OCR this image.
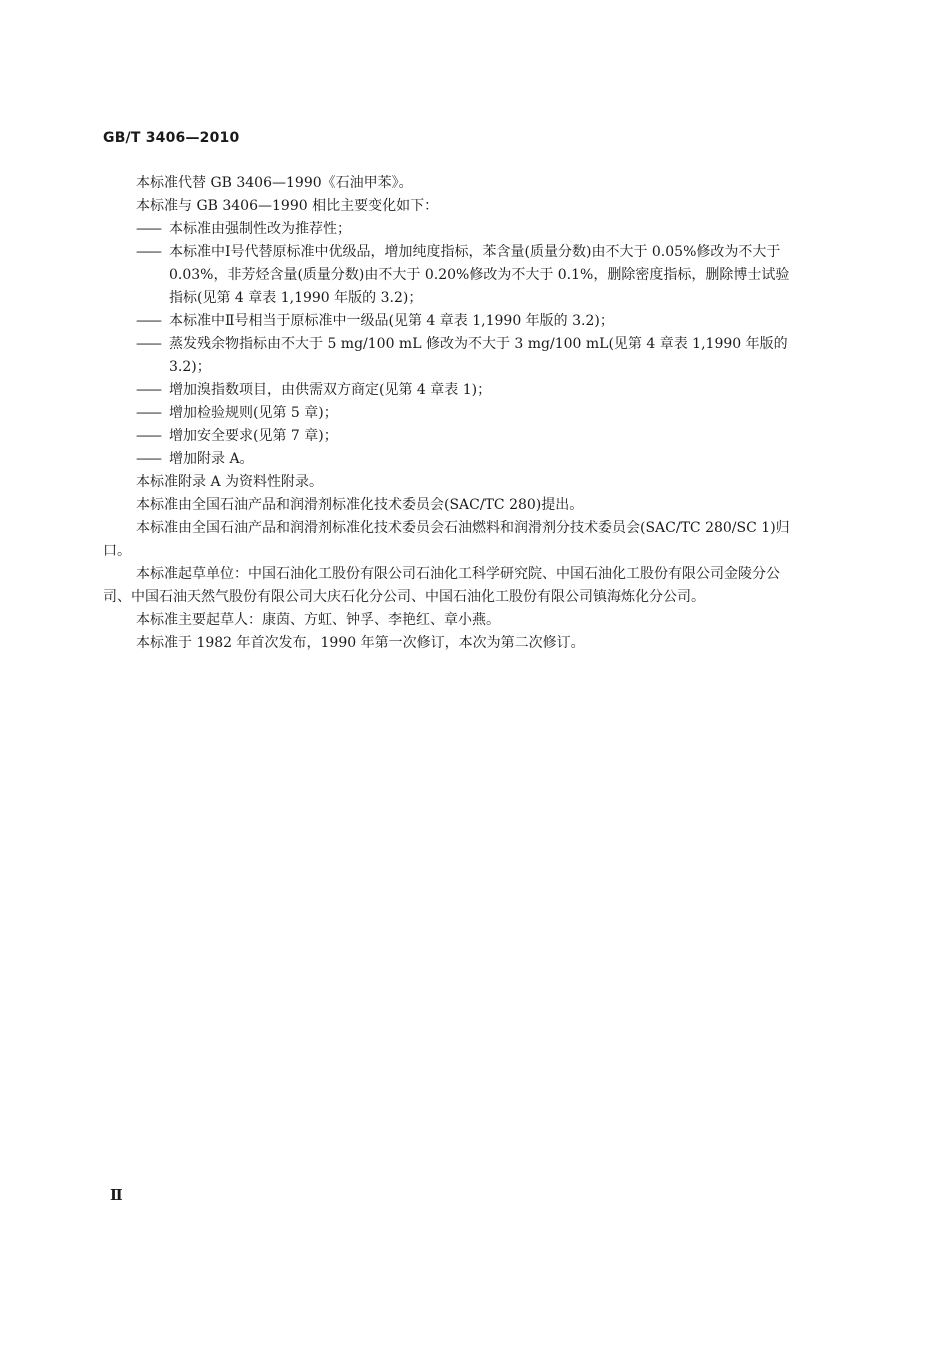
GB/T 3406—2010

本标准代替 GB 3406—1990《石油甲苯》。

本标准与 GB 3406—1990 相比主要变化如下：

—— 本标准由强制性改为推荐性；

—— 本标准中Ⅰ号代替原标准中优级品，增加纯度指标，苯含量(质量分数)由不大于 0.05%修改为不大于 0.03%，非芳烃含量(质量分数)由不大于 0.20%修改为不大于 0.1%，删除密度指标，删除博士试验指标(见第 4 章表 1,1990 年版的 3.2)；

—— 本标准中Ⅱ号相当于原标准中一级品(见第 4 章表 1,1990 年版的 3.2)；

—— 蒸发残余物指标由不大于 5 mg/100 mL 修改为不大于 3 mg/100 mL(见第 4 章表 1,1990 年版的 3.2)；

—— 增加溴指数项目，由供需双方商定(见第 4 章表 1)；

—— 增加检验规则(见第 5 章)；

—— 增加安全要求(见第 7 章)；

—— 增加附录 A。

本标准附录 A 为资料性附录。

本标准由全国石油产品和润滑剂标准化技术委员会(SAC/TC 280)提出。

本标准由全国石油产品和润滑剂标准化技术委员会石油燃料和润滑剂分技术委员会(SAC/TC 280/SC 1)归口。

本标准起草单位：中国石油化工股份有限公司石油化工科学研究院、中国石油化工股份有限公司金陵分公司、中国石油天然气股份有限公司大庆石化分公司、中国石油化工股份有限公司镇海炼化分公司。

本标准主要起草人：康茵、方虹、钟孚、李艳红、章小燕。

本标准于 1982 年首次发布，1990 年第一次修订，本次为第二次修订。

Ⅱ
